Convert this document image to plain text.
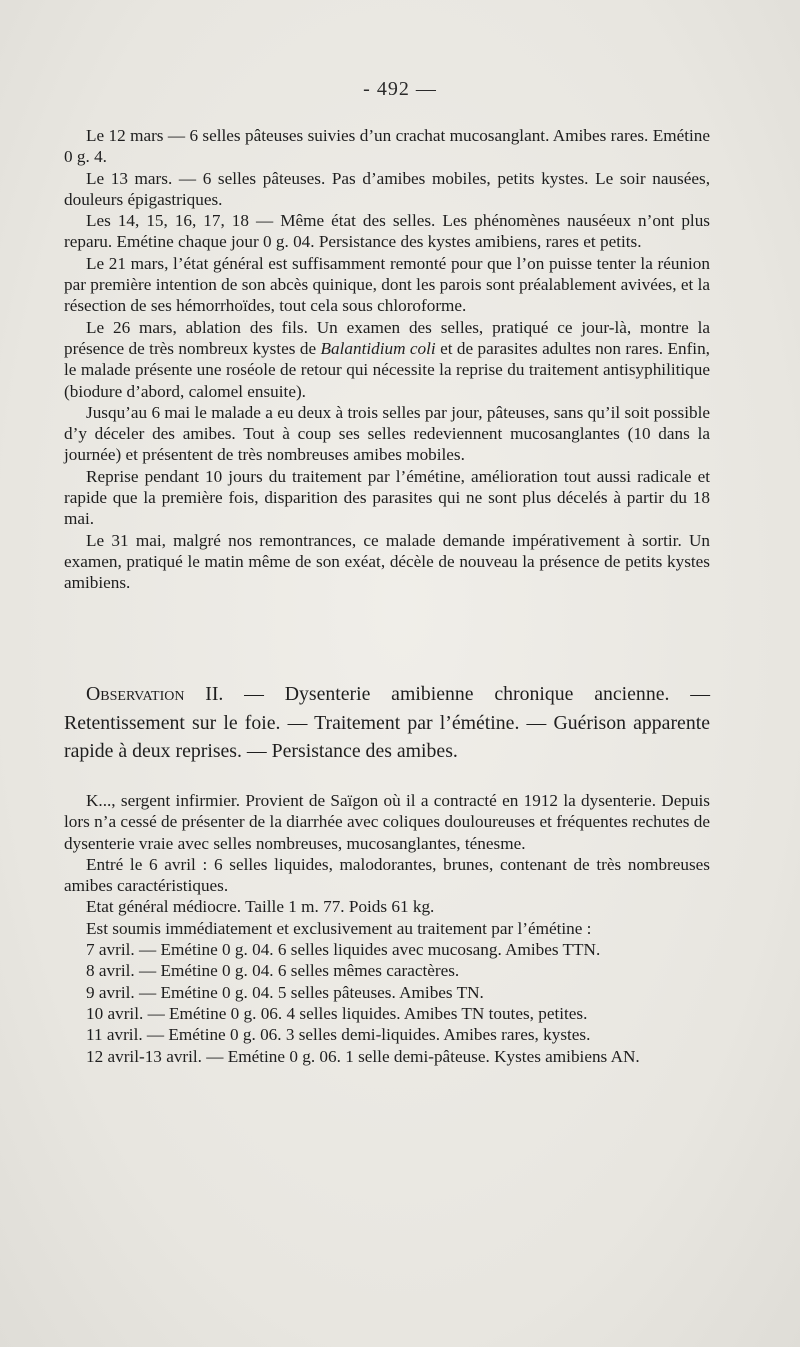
- 492 —

Le 12 mars — 6 selles pâteuses suivies d’un crachat mucosanglant. Amibes rares. Emétine 0 g. 4.

Le 13 mars. — 6 selles pâteuses. Pas d’amibes mobiles, petits kystes. Le soir nausées, douleurs épigastriques.

Les 14, 15, 16, 17, 18 — Même état des selles. Les phénomènes nauséeux n’ont plus reparu. Emétine chaque jour 0 g. 04. Persistance des kystes amibiens, rares et petits.

Le 21 mars, l’état général est suffisamment remonté pour que l’on puisse tenter la réunion par première intention de son abcès quinique, dont les parois sont préalablement avivées, et la résection de ses hémorrhoïdes, tout cela sous chloroforme.

Le 26 mars, ablation des fils. Un examen des selles, pratiqué ce jour-là, montre la présence de très nombreux kystes de Balantidium coli et de parasites adultes non rares. Enfin, le malade présente une roséole de retour qui nécessite la reprise du traitement antisyphilitique (biodure d’abord, calomel ensuite).

Jusqu’au 6 mai le malade a eu deux à trois selles par jour, pâteuses, sans qu’il soit possible d’y déceler des amibes. Tout à coup ses selles redeviennent mucosanglantes (10 dans la journée) et présentent de très nombreuses amibes mobiles.

Reprise pendant 10 jours du traitement par l’émétine, amélioration tout aussi radicale et rapide que la première fois, disparition des parasites qui ne sont plus décelés à partir du 18 mai.

Le 31 mai, malgré nos remontrances, ce malade demande impérativement à sortir. Un examen, pratiqué le matin même de son exéat, décèle de nouveau la présence de petits kystes amibiens.

Observation II. — Dysenterie amibienne chronique ancienne. — Retentissement sur le foie. — Traitement par l’émétine. — Guérison apparente rapide à deux reprises. — Persistance des amibes.

K..., sergent infirmier. Provient de Saïgon où il a contracté en 1912 la dysenterie. Depuis lors n’a cessé de présenter de la diarrhée avec coliques douloureuses et fréquentes rechutes de dysenterie vraie avec selles nombreuses, mucosanglantes, ténesme.

Entré le 6 avril : 6 selles liquides, malodorantes, brunes, contenant de très nombreuses amibes caractéristiques.

Etat général médiocre. Taille 1 m. 77. Poids 61 kg.

Est soumis immédiatement et exclusivement au traitement par l’émétine :

7 avril. — Emétine 0 g. 04. 6 selles liquides avec mucosang. Amibes TTN.

8 avril. — Emétine 0 g. 04. 6 selles mêmes caractères.

9 avril. — Emétine 0 g. 04. 5 selles pâteuses. Amibes TN.

10 avril. — Emétine 0 g. 06. 4 selles liquides. Amibes TN toutes, petites.

11 avril. — Emétine 0 g. 06. 3 selles demi-liquides. Amibes rares, kystes.

12 avril-13 avril. — Emétine 0 g. 06. 1 selle demi-pâteuse. Kystes amibiens AN.
